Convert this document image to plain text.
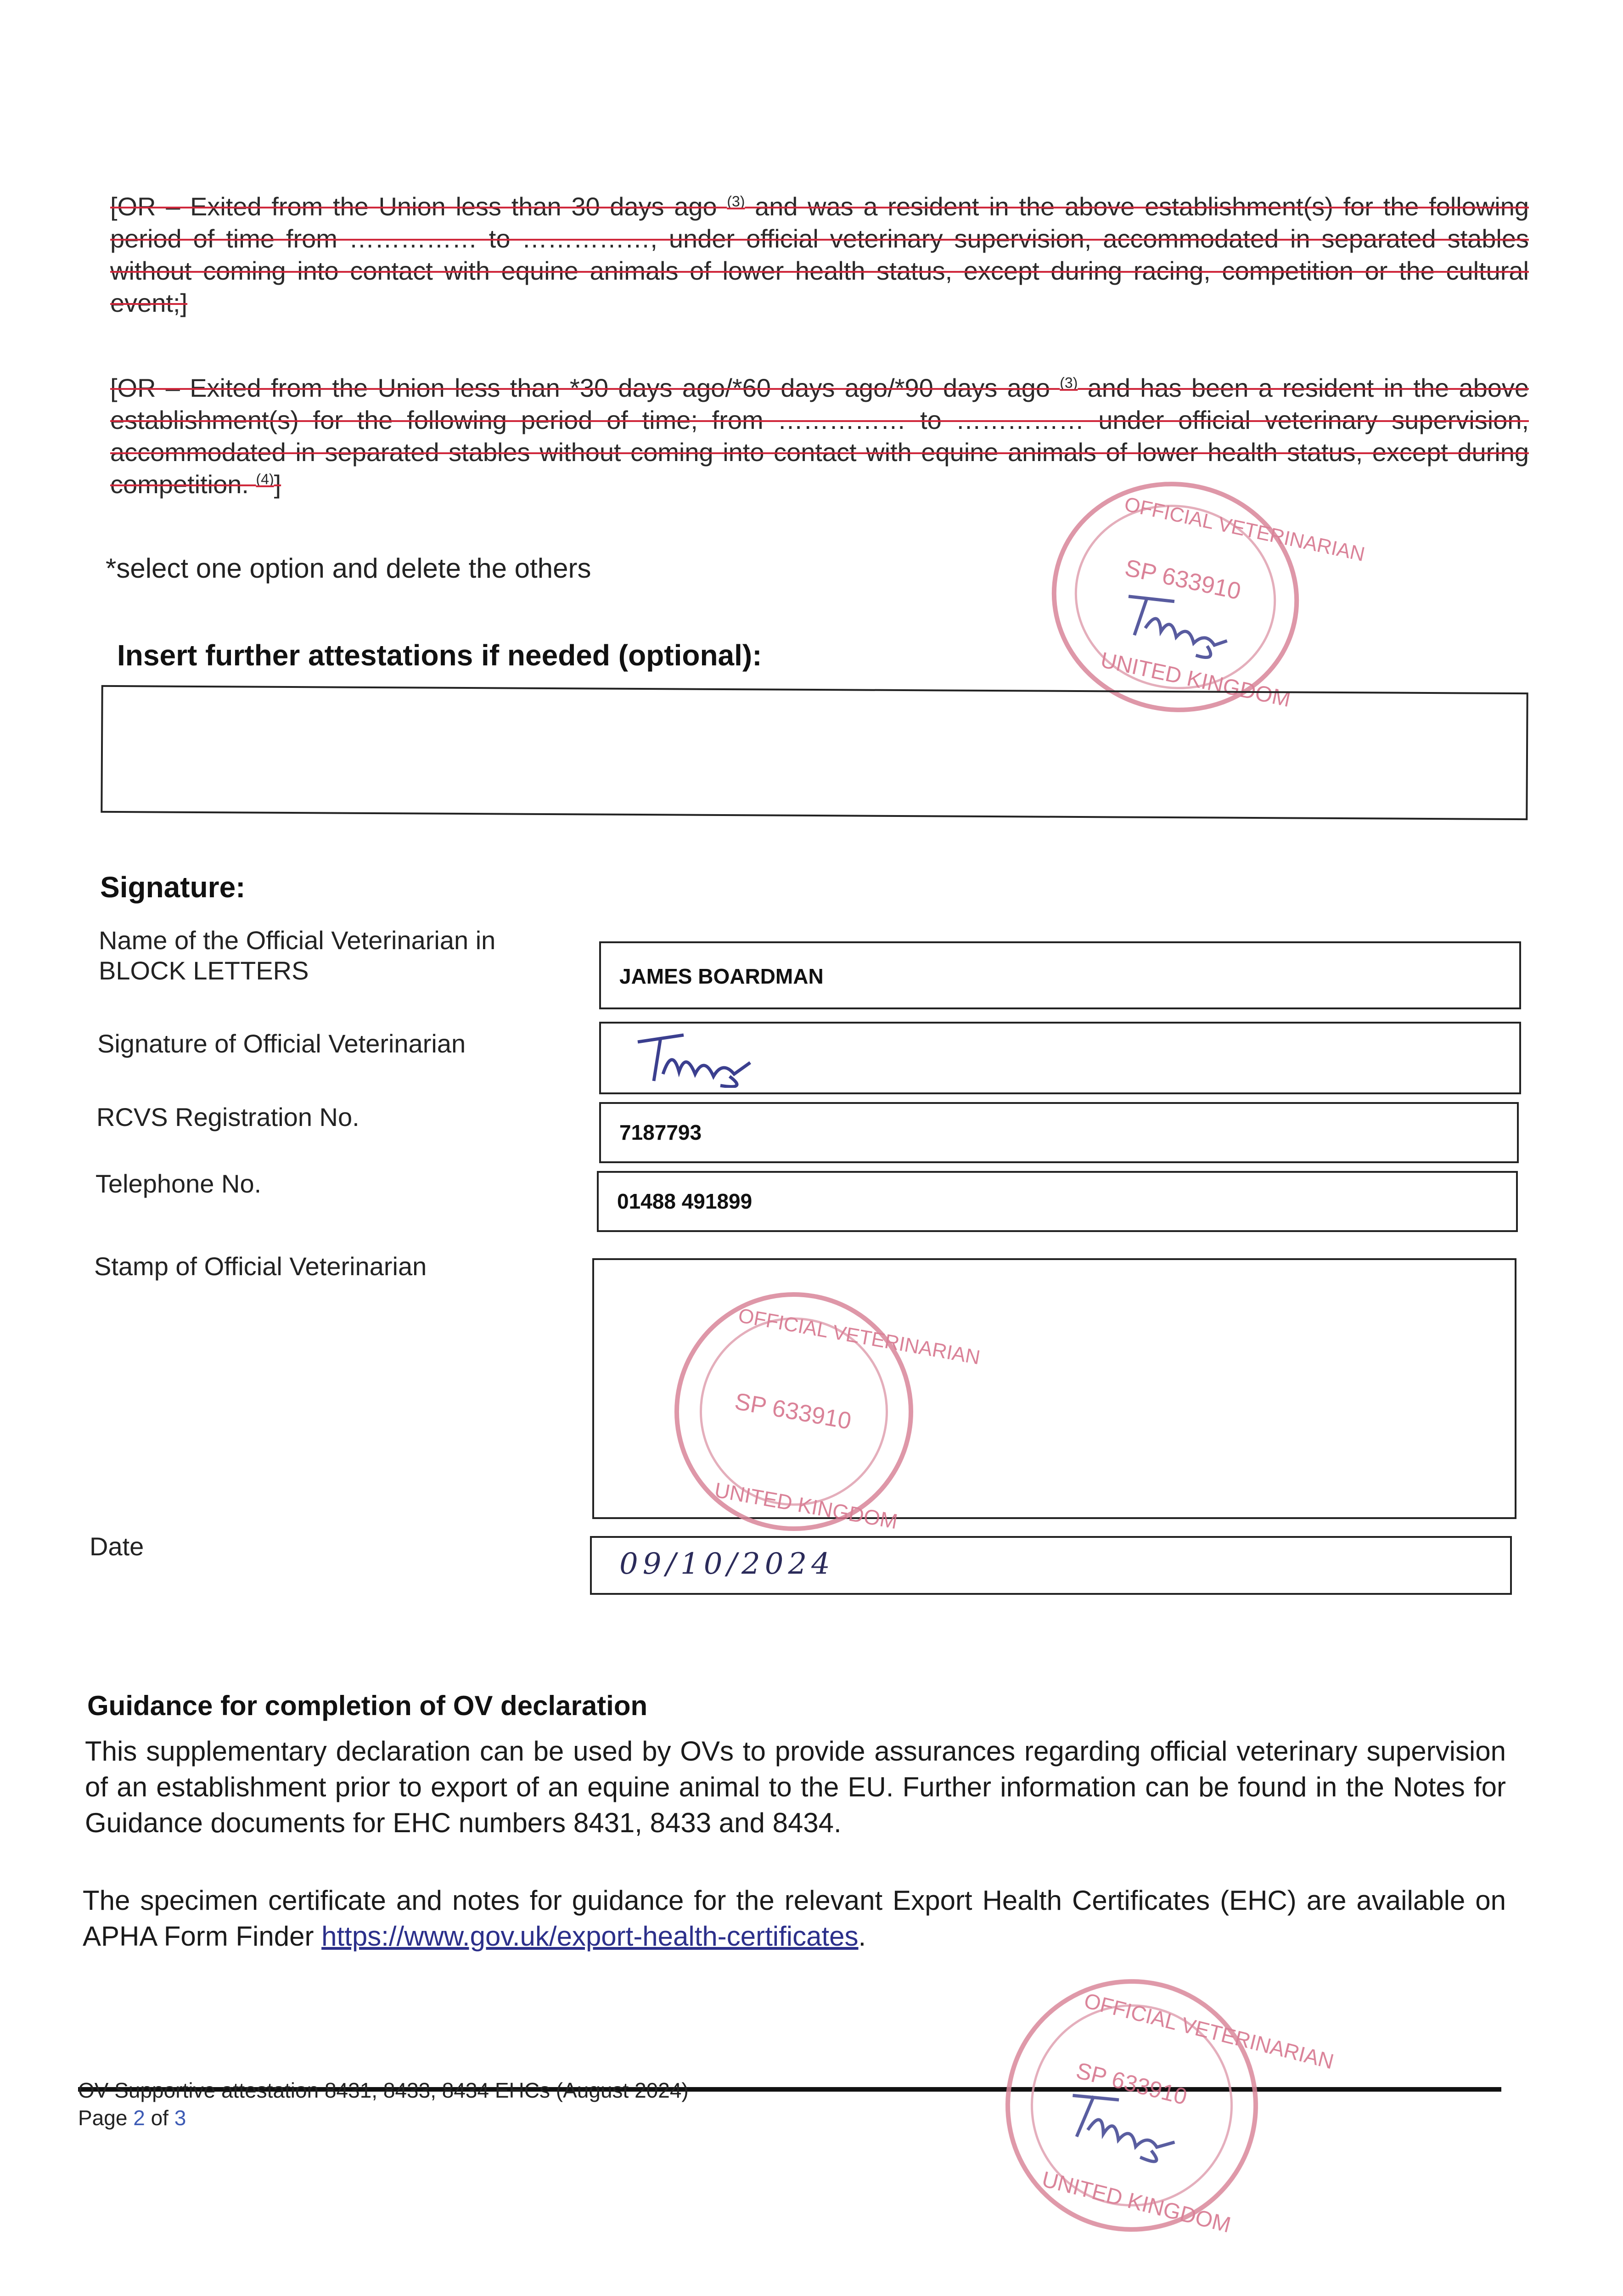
[OR – Exited from the Union less than 30 days ago $^{(3)}$ and was a resident in the above establishment(s) for the following period of time from …………… to ……………, under official veterinary supervision, accommodated in separated stables without coming into contact with equine animals of lower health status, except during racing, competition or the cultural event;]
[OR – Exited from the Union less than *30 days ago/*60 days ago/*90 days ago $^{(3)}$ and has been a resident in the above establishment(s) for the following period of time; from …………… to …………… under official veterinary supervision, accommodated in separated stables without coming into contact with equine animals of lower health status, except during competition. $^{(4)}$]
*select one option and delete the others
OFFICIAL VETERINARIAN
SP 633910
UNITED KINGDOM
Insert further attestations if needed (optional):
Signature:
Name of the Official Veterinarian in
BLOCK LETTERS	JAMES BOARDMAN
Signature of Official Veterinarian
RCVS Registration No.
7187793
Telephone No.
01488 491899
Stamp of Official Veterinarian
OFFICIAL VETERINARIAN
SP 633910
UNITED KINGDOM
Date
09/10/2024
Guidance for completion of OV declaration
This supplementary declaration can be used by OVs to provide assurances regarding official veterinary supervision of an establishment prior to export of an equine animal to the EU. Further information can be found in the Notes for Guidance documents for EHC numbers 8431, 8433 and 8434.
The specimen certificate and notes for guidance for the relevant Export Health Certificates (EHC) are available on APHA Form Finder https://www.gov.uk/export-health-certificates.
OV Supportive attestation 8431, 8433, 8434 EHCs (August 2024)
Page 2 of 3
OFFICIAL VETERINARIAN
SP 633910
UNITED KINGDOM
